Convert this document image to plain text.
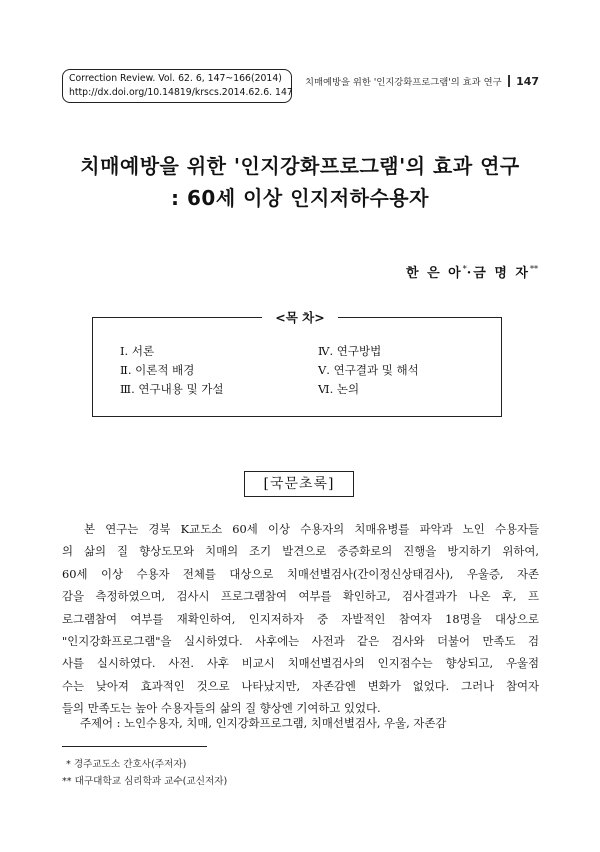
Correction Review. Vol. 62. 6, 147~166(2014)
http://dx.doi.org/10.14819/krscs.2014.62.6. 147
치매예방을 위한 '인지강화프로그램'의 효과 연구 147
치매예방을 위한 '인지강화프로그램'의 효과 연구
: 60세 이상 인지저하수용자
한 은 아*·금 명 자**
<목 차>
Ⅰ. 서론
Ⅱ. 이론적 배경
Ⅲ. 연구내용 및 가설
Ⅳ. 연구방법
Ⅴ. 연구결과 및 해석
Ⅵ. 논의
[국문초록]
본 연구는 경북 K교도소 60세 이상 수용자의 치매유병를 파악과 노인 수용자들
의 삶의 질 향상도모와 치매의 조기 발견으로 중증화로의 진행을 방지하기 위하여,
60세 이상 수용자 전체를 대상으로 치매선별검사(간이정신상태검사), 우울증, 자존
감을 측정하였으며, 검사시 프로그램참여 여부를 확인하고, 검사결과가 나온 후, 프
로그램참여 여부를 재확인하여, 인지저하자 중 자발적인 참여자 18명을 대상으로
"인지강화프로그램"을 실시하였다. 사후에는 사전과 같은 검사와 더불어 만족도 검
사를 실시하였다. 사전. 사후 비교시 치매선별검사의 인지점수는 향상되고, 우울점
수는 낮아져 효과적인 것으로 나타났지만, 자존감엔 변화가 없었다. 그러나 참여자
들의 만족도는 높아 수용자들의 삶의 질 향상엔 기여하고 있었다.
주제어 : 노인수용자, 치매, 인지강화프로그램, 치매선별검사, 우울, 자존감
* 경주교도소 간호사(주저자)
** 대구대학교 심리학과 교수(교신저자)
